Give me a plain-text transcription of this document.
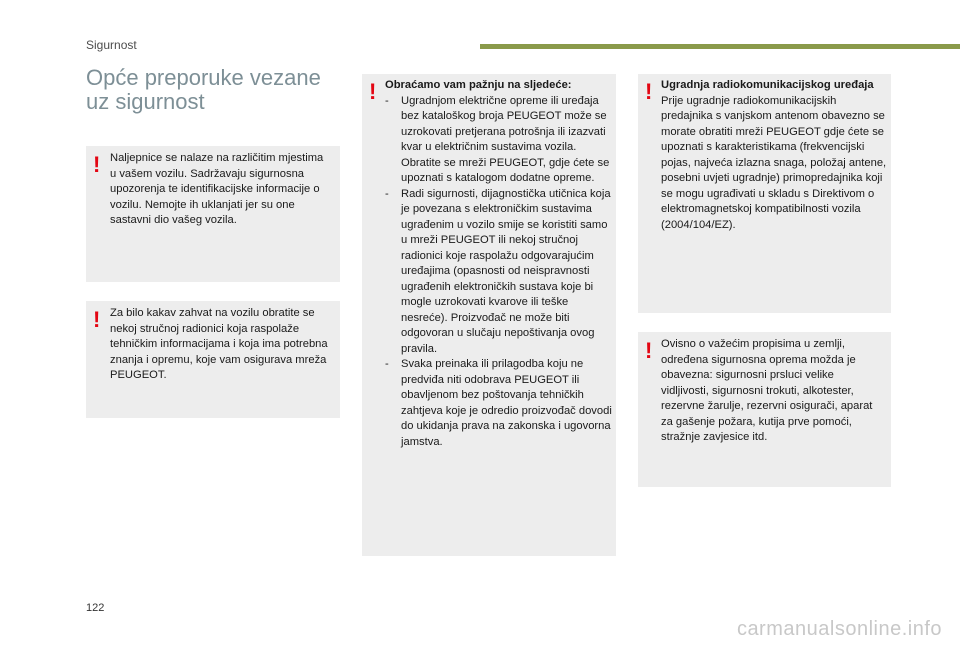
Sigurnost
Opće preporuke vezane uz sigurnost
! Naljepnice se nalaze na različitim mjestima u vašem vozilu. Sadržavaju sigurnosna upozorenja te identifikacijske informacije o vozilu. Nemojte ih uklanjati jer su one sastavni dio vašeg vozila.
! Za bilo kakav zahvat na vozilu obratite se nekoj stručnoj radionici koja raspolaže tehničkim informacijama i koja ima potrebna znanja i opremu, koje vam osigurava mreža PEUGEOT.
! Obraćamo vam pažnju na sljedeće:
- Ugradnjom električne opreme ili uređaja bez kataloškog broja PEUGEOT može se uzrokovati pretjerana potrošnja ili izazvati kvar u električnim sustavima vozila. Obratite se mreži PEUGEOT, gdje ćete se upoznati s katalogom dodatne opreme.
- Radi sigurnosti, dijagnostička utičnica koja je povezana s elektroničkim sustavima ugrađenim u vozilo smije se koristiti samo u mreži PEUGEOT ili nekoj stručnoj radionici koje raspolažu odgovarajućim uređajima (opasnosti od neispravnosti ugrađenih elektroničkih sustava koje bi mogle uzrokovati kvarove ili teške nesreće). Proizvođač ne može biti odgovoran u slučaju nepoštivanja ovog pravila.
- Svaka preinaka ili prilagodba koju ne predviđa niti odobrava PEUGEOT ili obavljenom bez poštovanja tehničkih zahtjeva koje je odredio proizvođač dovodi do ukidanja prava na zakonska i ugovorna jamstva.
! Ugradnja radiokomunikacijskog uređaja
Prije ugradnje radiokomunikacijskih predajnika s vanjskom antenom obavezno se morate obratiti mreži PEUGEOT gdje ćete se upoznati s karakteristikama (frekvencijski pojas, najveća izlazna snaga, položaj antene, posebni uvjeti ugradnje) primopredajnika koji se mogu ugrađivati u skladu s Direktivom o elektromagnetskoj kompatibilnosti vozila (2004/104/EZ).
! Ovisno o važećim propisima u zemlji, određena sigurnosna oprema možda je obavezna: sigurnosni prsluci velike vidljivosti, sigurnosni trokuti, alkotester, rezervne žarulje, rezervni osigurači, aparat za gašenje požara, kutija prve pomoći, stražnje zavjesice itd.
122
carmanualsonline.info
